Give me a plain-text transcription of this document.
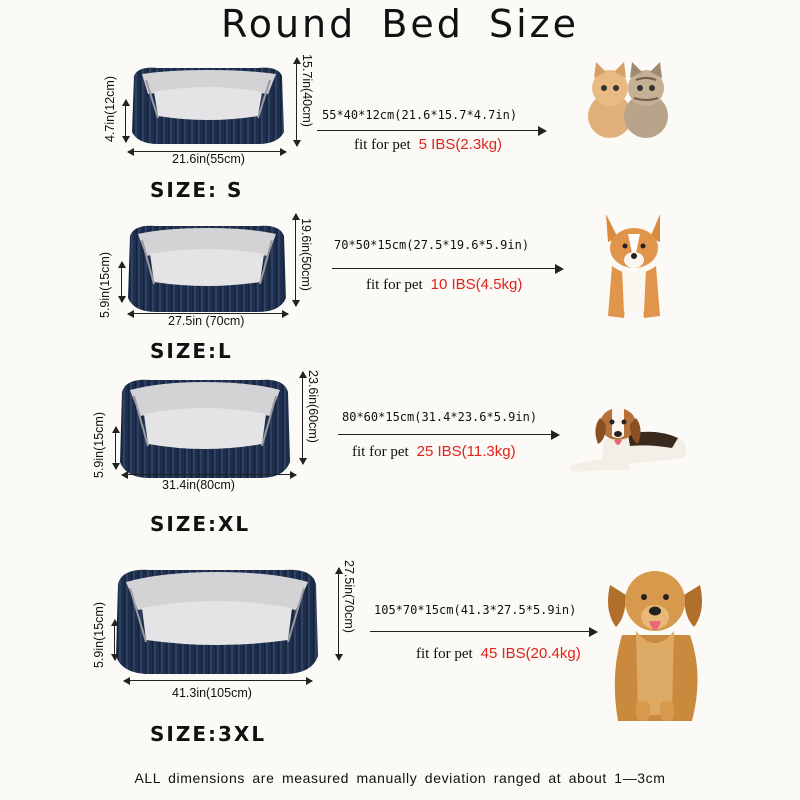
Round Bed Size
4.7in(12cm)	15.7in(40cm)
21.6in(55cm)
SIZE: S
55*40*12cm(21.6*15.7*4.7in)
fit for pet 5 IBS(2.3kg)
5.9in(15cm)	19.6in(50cm)
27.5in (70cm)
SIZE:L
70*50*15cm(27.5*19.6*5.9in)
fit for pet 10 IBS(4.5kg)
5.9in(15cm)
23.6in(60cm)
31.4in(80cm)
SIZE:XL
80*60*15cm(31.4*23.6*5.9in)
fit for pet 25 IBS(11.3kg)
5.9in(15cm)
27.5in(70cm)
41.3in(105cm)
SIZE:3XL
105*70*15cm(41.3*27.5*5.9in)
fit for pet 45 IBS(20.4kg)
ALL dimensions are measured manually deviation ranged at about 1—3cm
